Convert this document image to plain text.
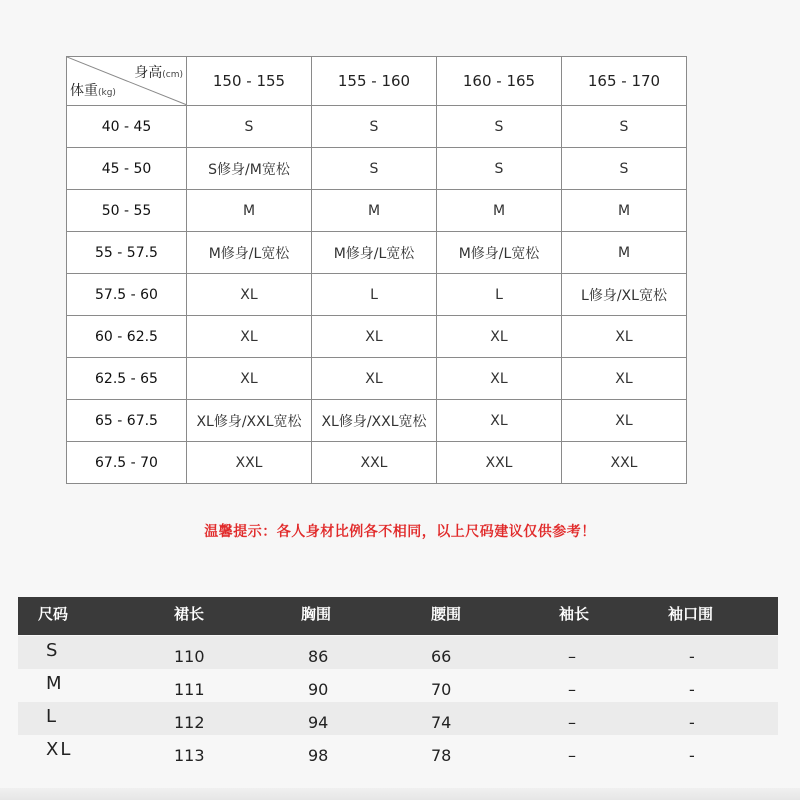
身高(cm)
体重(kg)	150 - 155	155 - 160	160 - 165	165 - 170
40 - 45	S	S	S	S
45 - 50	S修身/M宽松	S	S	S
50 - 55	M	M	M	M
55 - 57.5	M修身/L宽松	M修身/L宽松	M修身/L宽松	M
57.5 - 60	XL	L	L	L修身/XL宽松
60 - 62.5	XL	XL	XL	XL
62.5 - 65	XL	XL	XL	XL
65 - 67.5	XL修身/XXL宽松	XL修身/XXL宽松	XL	XL
67.5 - 70	XXL	XXL	XXL	XXL
温馨提示：各人身材比例各不相同，以上尺码建议仅供参考！
尺码	裙长	胸围	腰围	袖长	袖口围
S	110	86	66	–	-
M	111	90	70	–	-
L	112	94	74	–	-
XL	113	98	78	–	-
